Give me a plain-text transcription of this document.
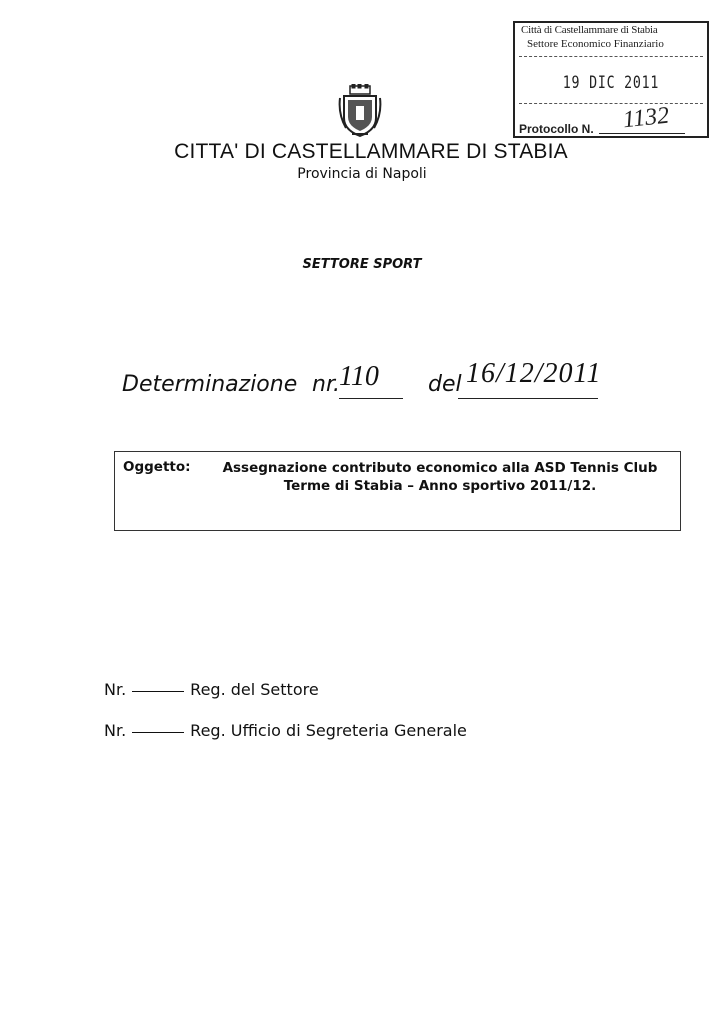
Città di Castellammare di Stabia
Settore Economico Finanziario
19 DIC 2011
Protocollo N. 1132
CITTA' DI CASTELLAMMARE DI STABIA
Provincia di Napoli
SETTORE SPORT
Determinazione nr. 110 del 16/12/2011
Oggetto:	Assegnazione contributo economico alla ASD Tennis Club Terme di Stabia – Anno sportivo 2011/12.
Nr.	Reg. del Settore
Nr.	Reg. Ufficio di Segreteria Generale
